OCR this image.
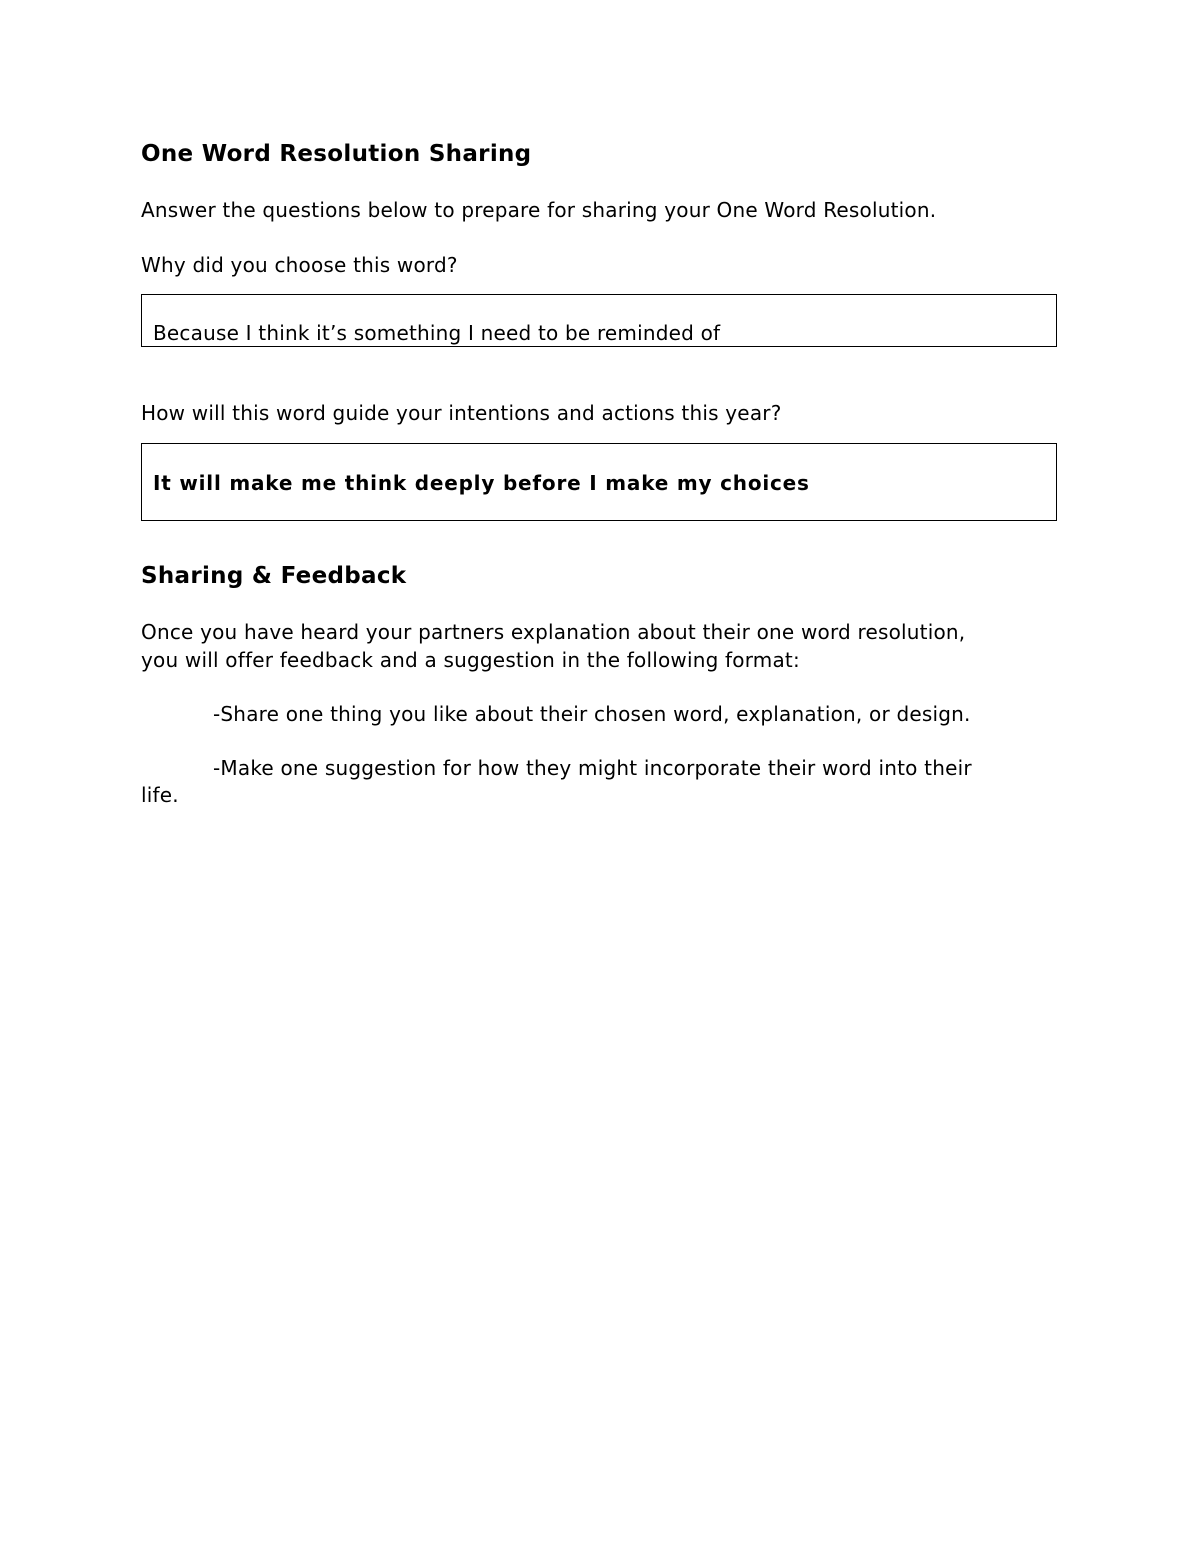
One Word Resolution Sharing
Answer the questions below to prepare for sharing your One Word Resolution.
Why did you choose this word?
Because I think it’s something I need to be reminded of
How will this word guide your intentions and actions this year?
It will make me think deeply before I make my choices
Sharing & Feedback
Once you have heard your partners explanation about their one word resolution,
you will offer feedback and a suggestion in the following format:
-Share one thing you like about their chosen word, explanation, or design.
-Make one suggestion for how they might incorporate their word into their
life.
